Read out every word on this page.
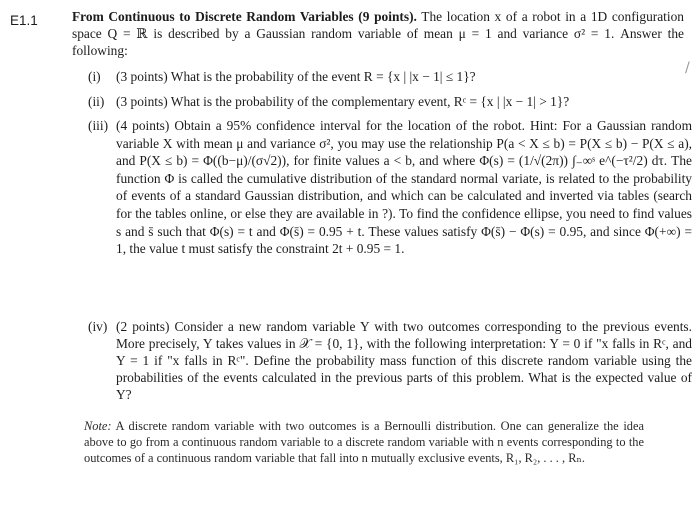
E1.1	From Continuous to Discrete Random Variables (9 points). The location x of a robot in a 1D configuration space Q = ℝ is described by a Gaussian random variable of mean μ = 1 and variance σ² = 1. Answer the following:
(i) (3 points) What is the probability of the event R = {x | |x − 1| ≤ 1}?
(ii) (3 points) What is the probability of the complementary event, Rᶜ = {x | |x − 1| > 1}?
(iii) (4 points) Obtain a 95% confidence interval for the location of the robot. Hint: For a Gaussian random variable X with mean μ and variance σ², you may use the relationship P(a < X ≤ b) = P(X ≤ b) − P(X ≤ a), and P(X ≤ b) = Φ((b−μ)/(σ√2)), for finite values a < b, and where Φ(s) = (1/√(2π)) ∫₋∞ˢ e^(−τ²/2) dτ. The function Φ is called the cumulative distribution of the standard normal variate, is related to the probability of events of a standard Gaussian distribution, and which can be calculated and inverted via tables (search for the tables online, or else they are available in ?). To find the confidence ellipse, you need to find values s and s̄ such that Φ(s) = t and Φ(s̄) = 0.95 + t. These values satisfy Φ(s̄) − Φ(s) = 0.95, and since Φ(+∞) = 1, the value t must satisfy the constraint 2t + 0.95 = 1.
(iv) (2 points) Consider a new random variable Y with two outcomes corresponding to the previous events. More precisely, Y takes values in 𝒳 = {0, 1}, with the following interpretation: Y = 0 if "x falls in Rᶜ, and Y = 1 if "x falls in Rᶜ". Define the probability mass function of this discrete random variable using the probabilities of the events calculated in the previous parts of this problem. What is the expected value of Y?
Note: A discrete random variable with two outcomes is a Bernoulli distribution. One can generalize the idea above to go from a continuous random variable to a discrete random variable with n events corresponding to the outcomes of a continuous random variable that fall into n mutually exclusive events, R₁, R₂, . . . , Rₙ.
/
